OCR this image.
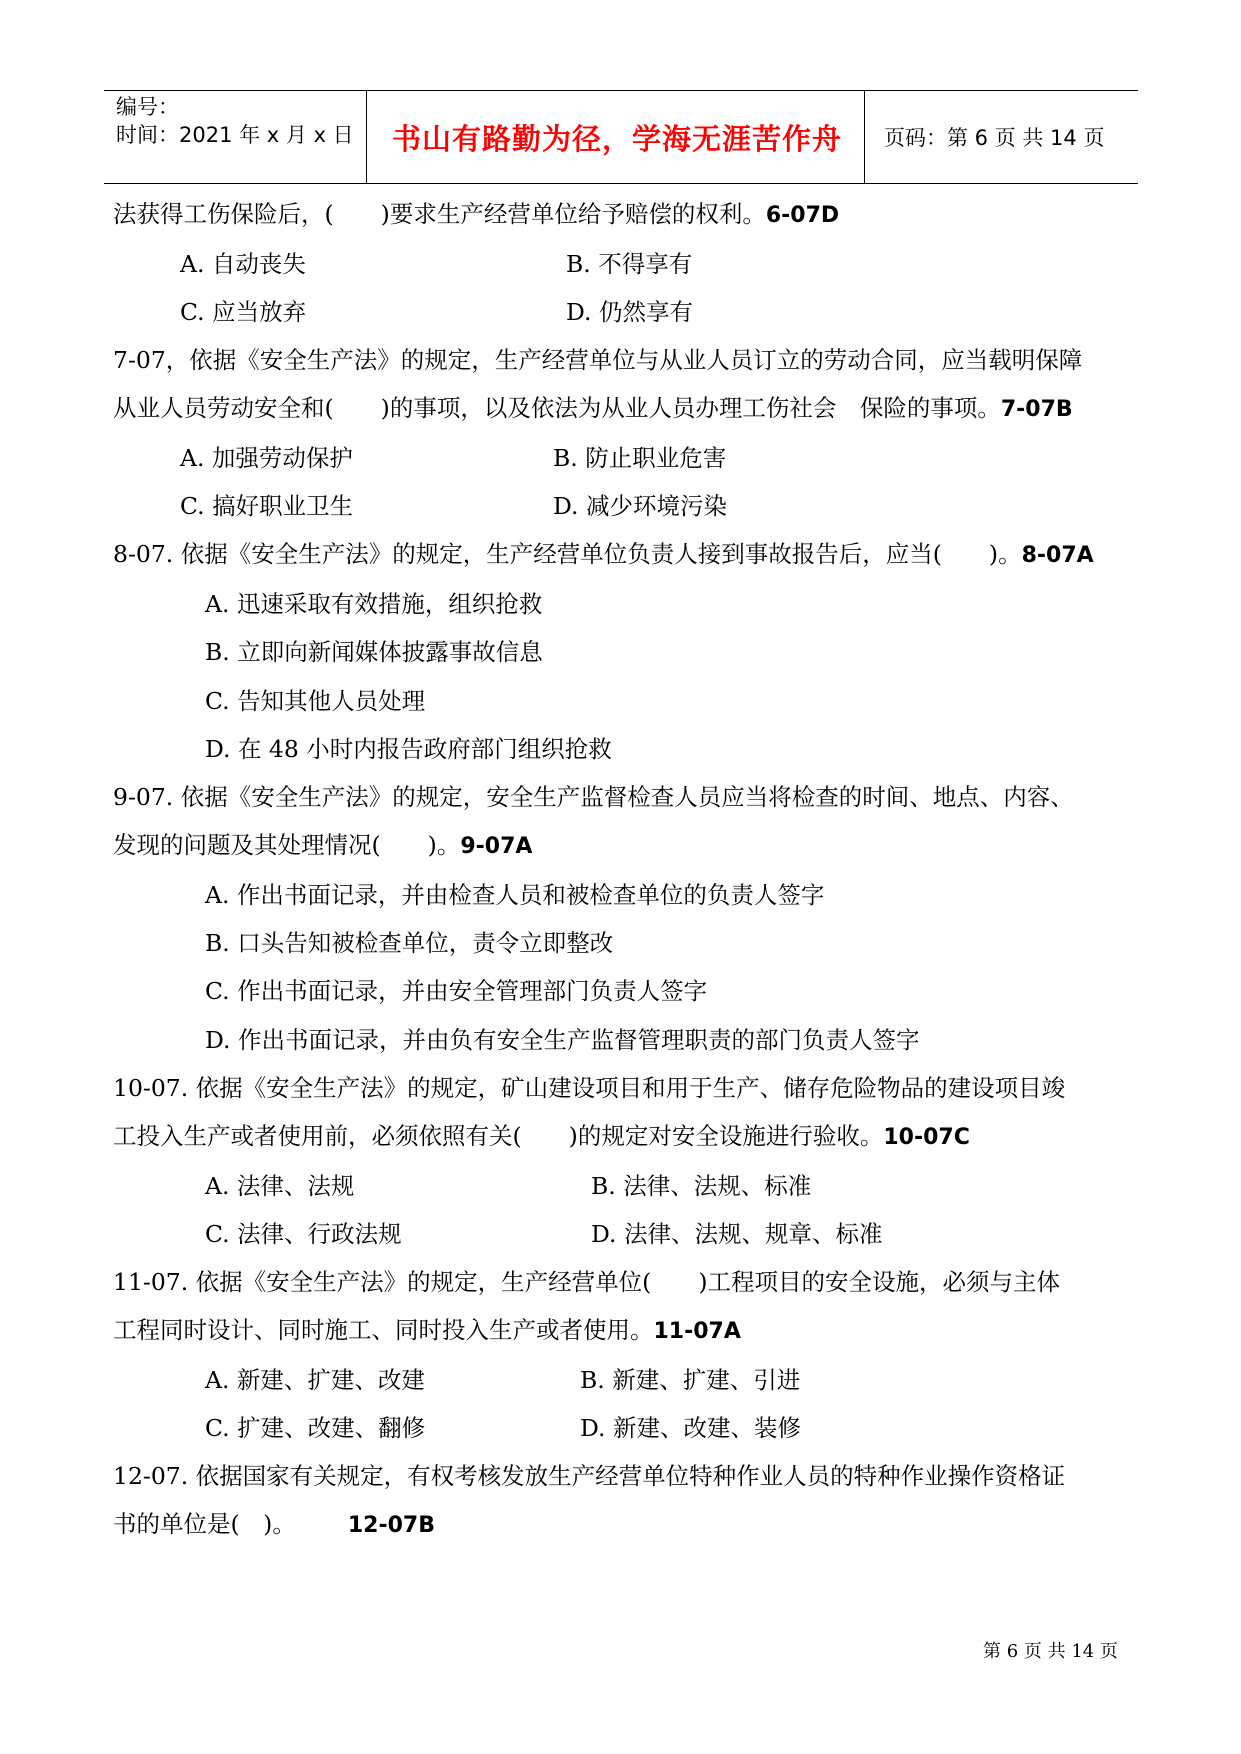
编号：
时间：2021 年 x 月 x 日	书山有路勤为径，学海无涯苦作舟	页码：第 6 页 共 14 页
法获得工伤保险后，(　　)要求生产经营单位给予赔偿的权利。6-07D
A. 自动丧失	B. 不得享有
C. 应当放弃	D. 仍然享有
7-07，依据《安全生产法》的规定，生产经营单位与从业人员订立的劳动合同，应当载明保障
从业人员劳动安全和(　　)的事项，以及依法为从业人员办理工伤社会　保险的事项。7-07B
A. 加强劳动保护	B. 防止职业危害
C. 搞好职业卫生	D. 减少环境污染
8-07. 依据《安全生产法》的规定，生产经营单位负责人接到事故报告后，应当(　　)。8-07A
A. 迅速采取有效措施，组织抢救
B. 立即向新闻媒体披露事故信息
C. 告知其他人员处理
D. 在 48 小时内报告政府部门组织抢救
9-07. 依据《安全生产法》的规定，安全生产监督检查人员应当将检查的时间、地点、内容、
发现的问题及其处理情况(　　)。9-07A
A. 作出书面记录，并由检查人员和被检查单位的负责人签字
B. 口头告知被检查单位，责令立即整改
C. 作出书面记录，并由安全管理部门负责人签字
D. 作出书面记录，并由负有安全生产监督管理职责的部门负责人签字
10-07. 依据《安全生产法》的规定，矿山建设项目和用于生产、储存危险物品的建设项目竣
工投入生产或者使用前，必须依照有关(　　)的规定对安全设施进行验收。10-07C
A. 法律、法规	B. 法律、法规、标准
C. 法律、行政法规	D. 法律、法规、规章、标准
11-07. 依据《安全生产法》的规定，生产经营单位(　　)工程项目的安全设施，必须与主体
工程同时设计、同时施工、同时投入生产或者使用。11-07A
A. 新建、扩建、改建	B. 新建、扩建、引进
C. 扩建、改建、翻修	D. 新建、改建、装修
12-07. 依据国家有关规定，有权考核发放生产经营单位特种作业人员的特种作业操作资格证
书的单位是(　)。 12-07B
第 6 页 共 14 页
